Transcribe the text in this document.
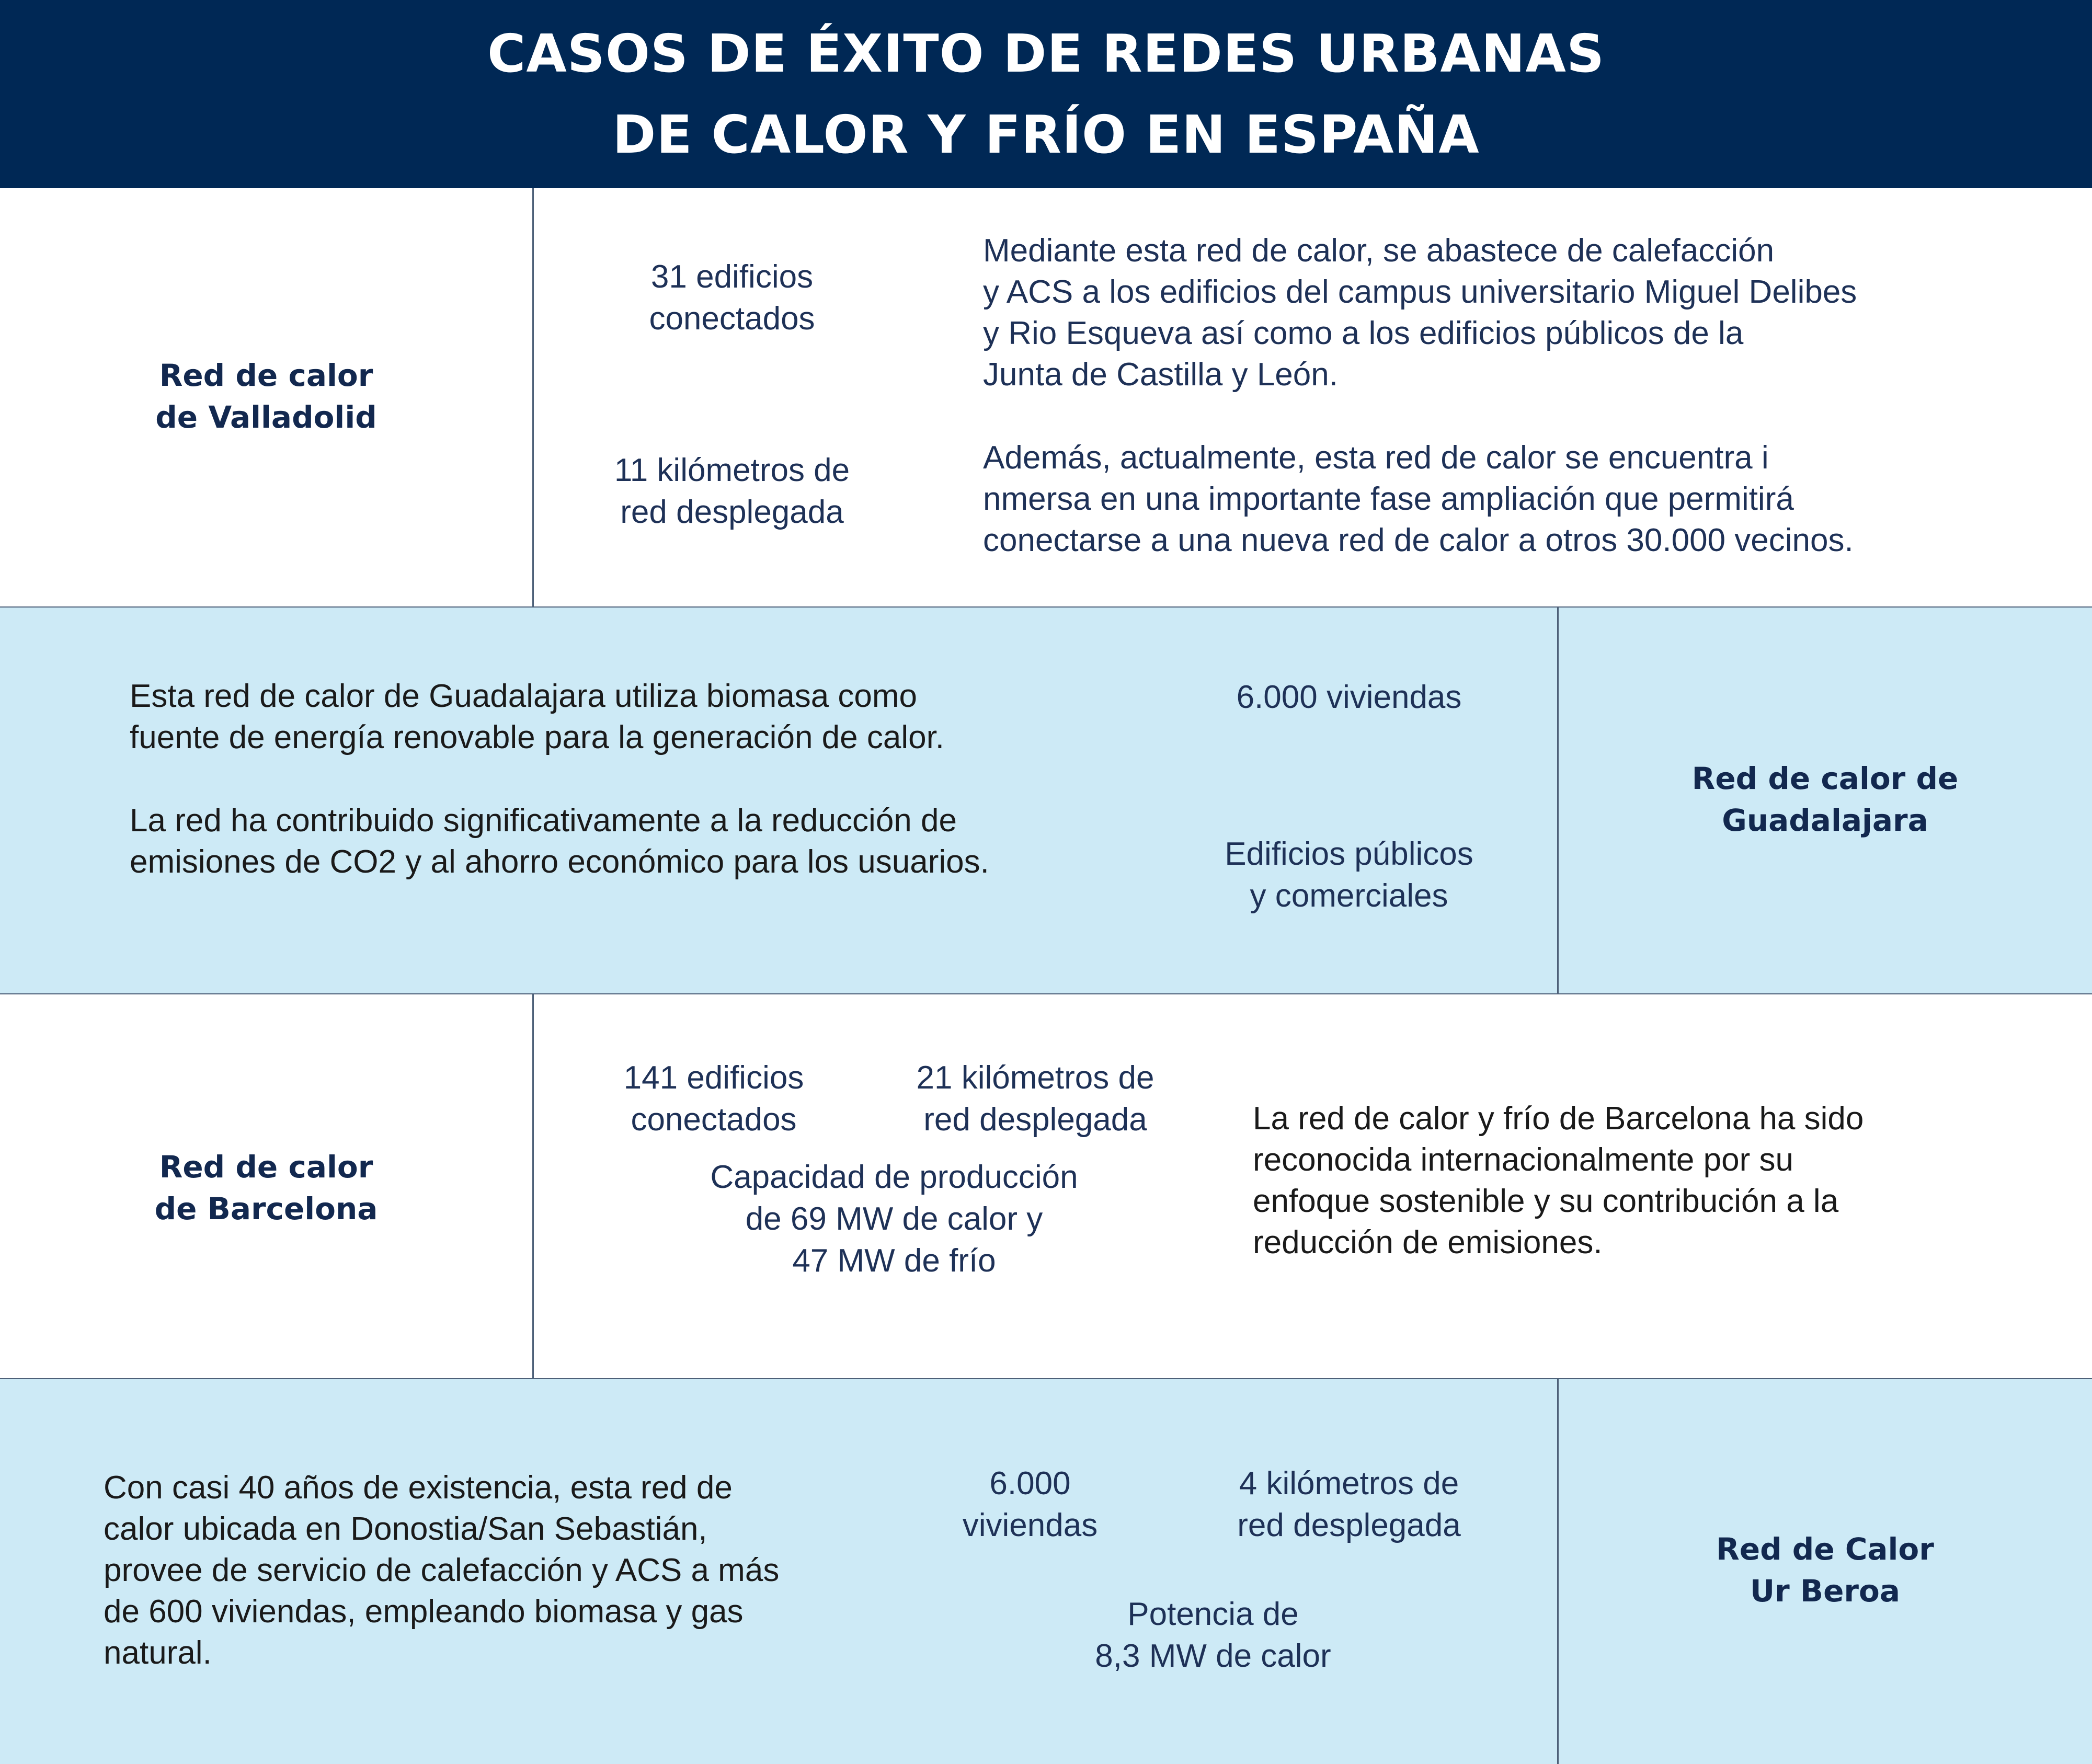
CASOS DE ÉXITO DE REDES URBANAS
DE CALOR Y FRÍO EN ESPAÑA
Red de calor
de Valladolid
31 edificios
conectados
11 kilómetros de
red desplegada

Mediante esta red de calor, se abastece de calefacción
y ACS a los edificios del campus universitario Miguel Delibes
y Rio Esqueva así como a los edificios públicos de la
Junta de Castilla y León.

Además, actualmente, esta red de calor se encuentra i
nmersa en una importante fase ampliación que permitirá
conectarse a una nueva red de calor a otros 30.000 vecinos.

Esta red de calor de Guadalajara utiliza biomasa como
fuente de energía renovable para la generación de calor.

La red ha contribuido significativamente a la reducción de
emisiones de CO2 y al ahorro económico para los usuarios.

6.000 viviendas
Edificios públicos
y comerciales
Red de calor de
Guadalajara
Red de calor
de Barcelona
141 edificios
conectados
21 kilómetros de
red desplegada
Capacidad de producción
de 69 MW de calor y
47 MW de frío

La red de calor y frío de Barcelona ha sido
reconocida internacionalmente por su
enfoque sostenible y su contribución a la
reducción de emisiones.

Con casi 40 años de existencia, esta red de
calor ubicada en Donostia/San Sebastián,
provee de servicio de calefacción y ACS a más
de 600 viviendas, empleando biomasa y gas
natural.

6.000
viviendas
4 kilómetros de
red desplegada
Potencia de
8,3 MW de calor
Red de Calor
Ur Beroa
